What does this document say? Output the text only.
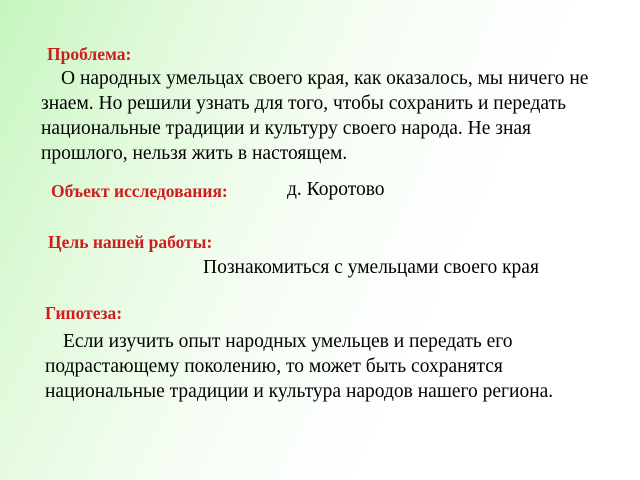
Проблема:
О народных умельцах своего края, как оказалось, мы ничего не знаем. Но решили узнать для того, чтобы сохранить и передать национальные традиции и культуру своего народа. Не зная прошлого, нельзя жить в настоящем.
Объект исследования:	д. Коротово
Цель нашей работы:
Познакомиться с умельцами своего края
Гипотеза:
Если изучить опыт народных умельцев и передать его подрастающему поколению, то может быть сохранятся национальные традиции и культура народов нашего региона.
